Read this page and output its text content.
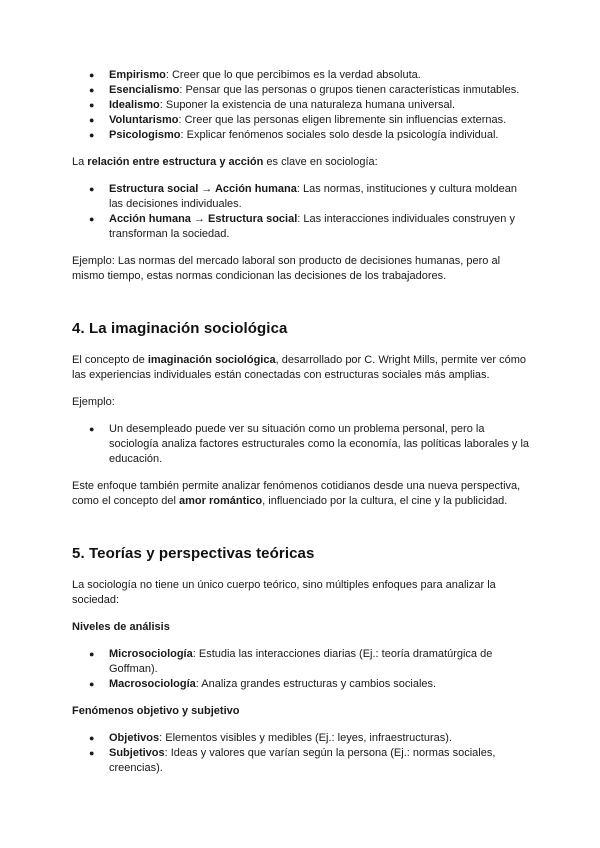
● Empirismo: Creer que lo que percibimos es la verdad absoluta.
● Esencialismo: Pensar que las personas o grupos tienen características inmutables.
● Idealismo: Suponer la existencia de una naturaleza humana universal.
● Voluntarismo: Creer que las personas eligen libremente sin influencias externas.
● Psicologismo: Explicar fenómenos sociales solo desde la psicología individual.

La relación entre estructura y acción es clave en sociología:

● Estructura social → Acción humana: Las normas, instituciones y cultura moldean las decisiones individuales.
● Acción humana → Estructura social: Las interacciones individuales construyen y transforman la sociedad.

Ejemplo: Las normas del mercado laboral son producto de decisiones humanas, pero al mismo tiempo, estas normas condicionan las decisiones de los trabajadores.

4. La imaginación sociológica

El concepto de imaginación sociológica, desarrollado por C. Wright Mills, permite ver cómo las experiencias individuales están conectadas con estructuras sociales más amplias.

Ejemplo:

● Un desempleado puede ver su situación como un problema personal, pero la sociología analiza factores estructurales como la economía, las políticas laborales y la educación.

Este enfoque también permite analizar fenómenos cotidianos desde una nueva perspectiva, como el concepto del amor romántico, influenciado por la cultura, el cine y la publicidad.

5. Teorías y perspectivas teóricas

La sociología no tiene un único cuerpo teórico, sino múltiples enfoques para analizar la sociedad:

Niveles de análisis
● Microsociología: Estudia las interacciones diarias (Ej.: teoría dramatúrgica de Goffman).
● Macrosociología: Analiza grandes estructuras y cambios sociales.
Fenómenos objetivo y subjetivo
● Objetivos: Elementos visibles y medibles (Ej.: leyes, infraestructuras).
● Subjetivos: Ideas y valores que varían según la persona (Ej.: normas sociales, creencias).
